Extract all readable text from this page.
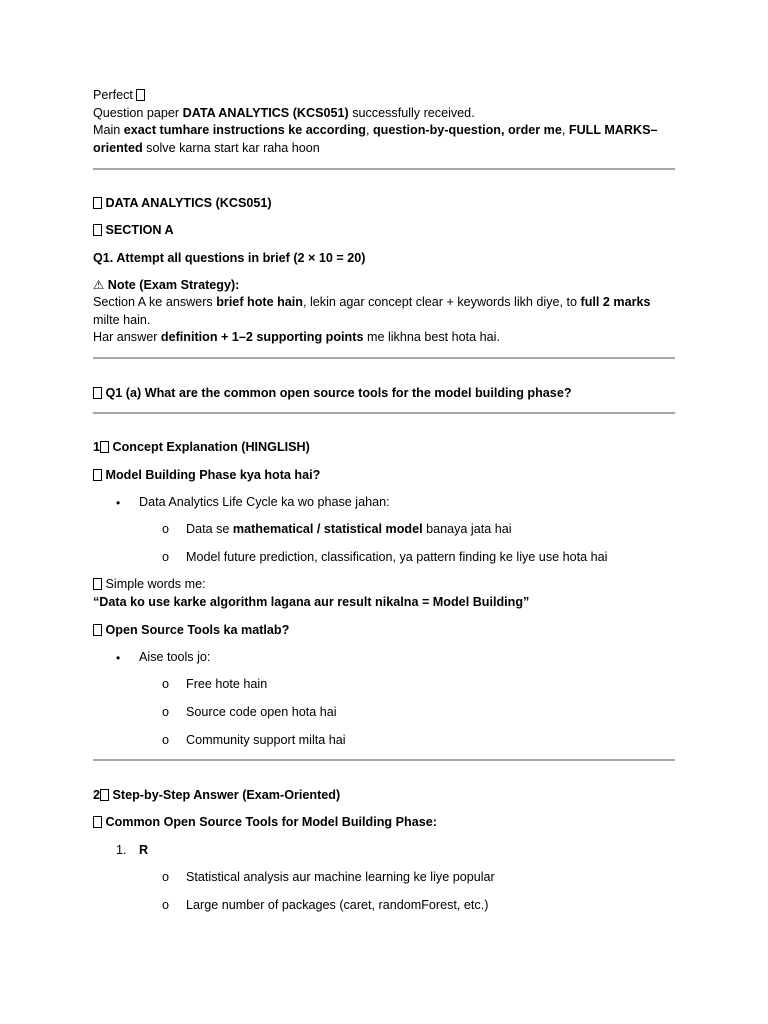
Perfect
Question paper DATA ANALYTICS (KCS051) successfully received.
Main exact tumhare instructions ke according, question-by-question, order me, FULL MARKS–
oriented solve karna start kar raha hoon
DATA ANALYTICS (KCS051)
SECTION A
Q1. Attempt all questions in brief (2 × 10 = 20)
⚠ Note (Exam Strategy):
Section A ke answers brief hote hain, lekin agar concept clear + keywords likh diye, to full 2 marks
milte hain.
Har answer definition + 1–2 supporting points me likhna best hota hai.
Q1 (a) What are the common open source tools for the model building phase?
1 Concept Explanation (HINGLISH)
Model Building Phase kya hota hai?
• Data Analytics Life Cycle ka wo phase jahan:
o Data se mathematical / statistical model banaya jata hai
o Model future prediction, classification, ya pattern finding ke liye use hota hai
Simple words me:
“Data ko use karke algorithm lagana aur result nikalna = Model Building”
Open Source Tools ka matlab?
• Aise tools jo:
o Free hote hain
o Source code open hota hai
o Community support milta hai
2 Step-by-Step Answer (Exam-Oriented)
Common Open Source Tools for Model Building Phase:
1. R
o Statistical analysis aur machine learning ke liye popular
o Large number of packages (caret, randomForest, etc.)
